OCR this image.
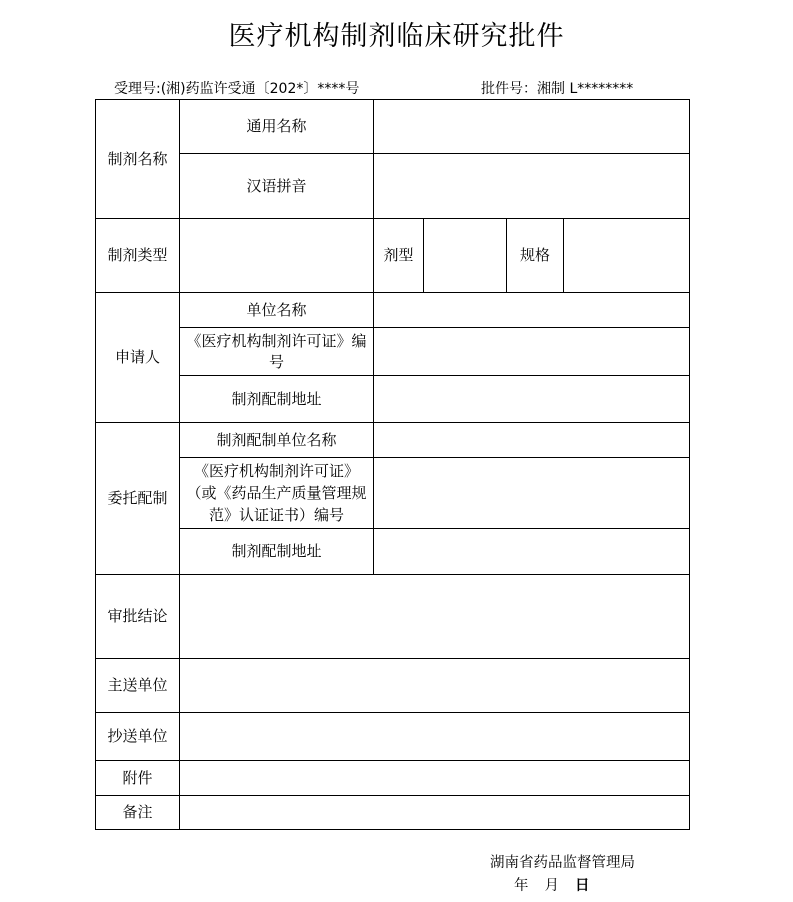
医疗机构制剂临床研究批件
受理号:(湘)药监许受通〔202*〕****号	批件号：湘制 L********
制剂名称	通用名称				
	汉语拼音				
制剂类型		剂型		规格	
申请人	单位名称				
	《医疗机构制剂许可证》编号				
	制剂配制地址				
委托配制	制剂配制单位名称				
	《医疗机构制剂许可证》（或《药品生产质量管理规范》认证证书）编号				
	制剂配制地址				
审批结论					
主送单位					
抄送单位					
附件					
备注					
湖南省药品监督管理局
年 月 日
